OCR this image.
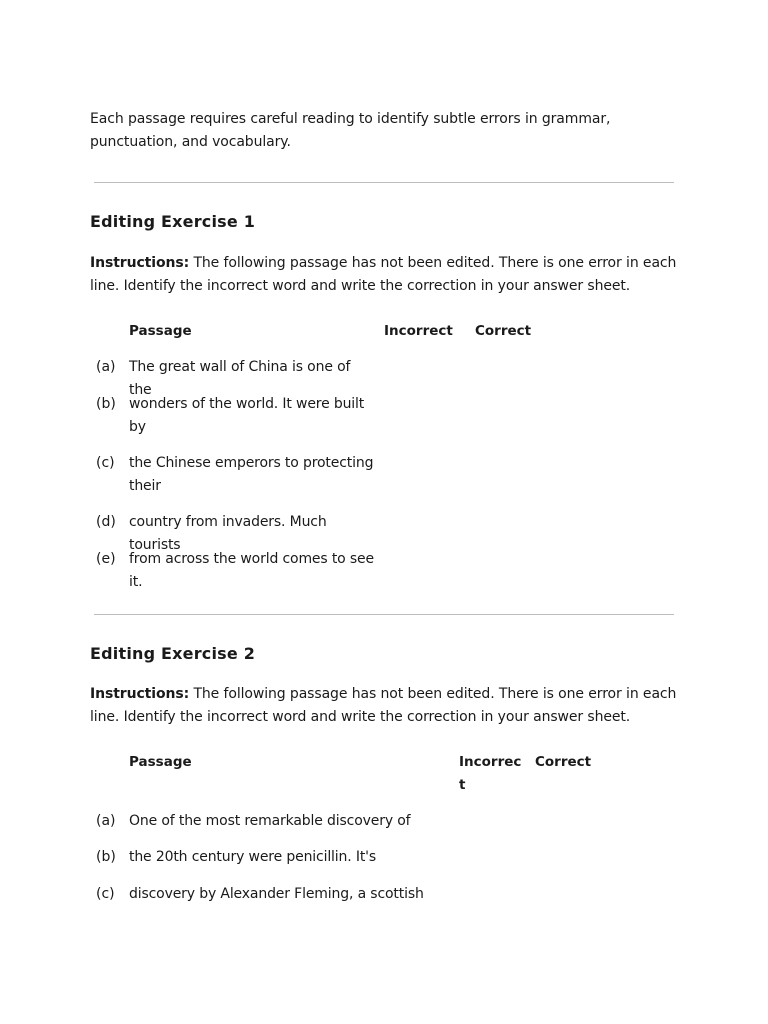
Each passage requires careful reading to identify subtle errors in grammar, punctuation, and vocabulary.
Editing Exercise 1
Instructions: The following passage has not been edited. There is one error in each line. Identify the incorrect word and write the correction in your answer sheet.
Passage	Incorrect Correct
(a) The great wall of China is one of the
(b) wonders of the world. It were built by
(c) the Chinese emperors to protecting their
(d) country from invaders. Much tourists
(e) from across the world comes to see it.
Editing Exercise 2
Instructions: The following passage has not been edited. There is one error in each line. Identify the incorrect word and write the correction in your answer sheet.
Passage	Incorrect
Correct
(a) One of the most remarkable discovery of
(b) the 20th century were penicillin. It's
(c) discovery by Alexander Fleming, a scottish
